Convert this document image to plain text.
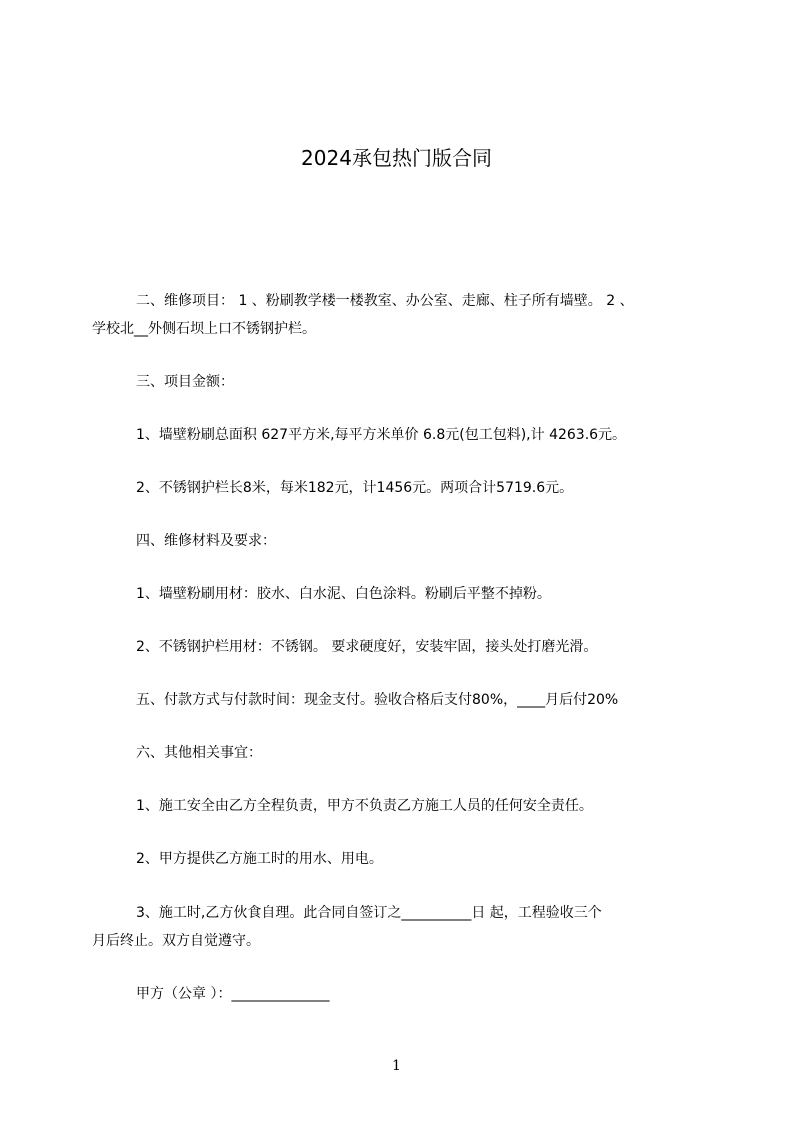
2024承包热门版合同
二、维修项目： 1 、粉刷教学楼一楼教室、办公室、走廊、柱子所有墙壁。 2 、
学校北__外侧石坝上口不锈钢护栏。
三、项目金额：
1、墙壁粉刷总面积 627平方米,每平方米单价 6.8元(包工包料),计 4263.6元。
2、不锈钢护栏长8米，每米182元，计1456元。两项合计5719.6元。
四、维修材料及要求：
1、墙壁粉刷用材：胶水、白水泥、白色涂料。粉刷后平整不掉粉。
2、不锈钢护栏用材：不锈钢。 要求硬度好，安装牢固，接头处打磨光滑。
五、付款方式与付款时间：现金支付。验收合格后支付80%，____月后付20%
六、其他相关事宜：
1、施工安全由乙方全程负责，甲方不负责乙方施工人员的任何安全责任。
2、甲方提供乙方施工时的用水、用电。
3、施工时,乙方伙食自理。此合同自签订之__________日 起，工程验收三个
月后终止。双方自觉遵守。
甲方（公章 ）：______________
1
